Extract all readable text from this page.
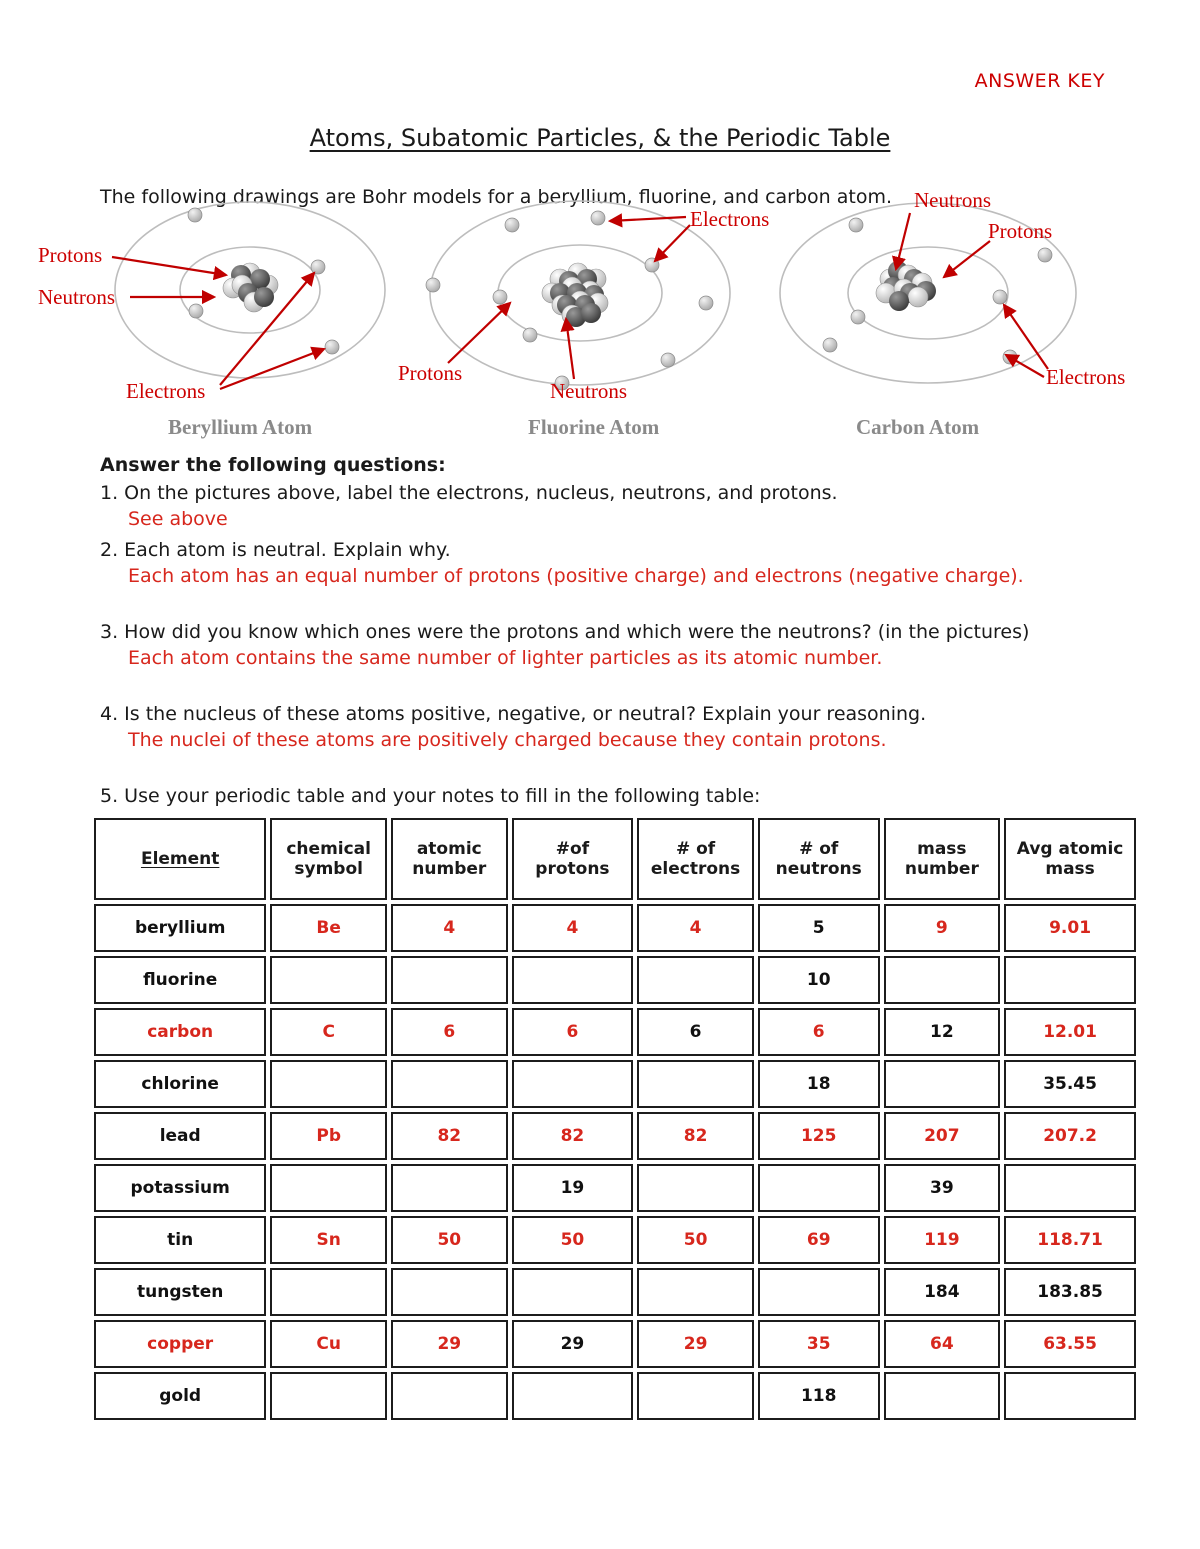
ANSWER KEY
Atoms, Subatomic Particles, & the Periodic Table
The following drawings are Bohr models for a beryllium, fluorine, and carbon atom.
Protons
Neutrons
Electrons
Electrons
Protons
Neutrons
Neutrons
Protons
Electrons
Beryllium Atom	Fluorine Atom	Carbon Atom

Answer the following questions:

1. On the pictures above, label the electrons, nucleus, neutrons, and protons.

See above

2. Each atom is neutral. Explain why.

Each atom has an equal number of protons (positive charge) and electrons (negative charge).

3. How did you know which ones were the protons and which were the neutrons? (in the pictures)

Each atom contains the same number of lighter particles as its atomic number.

4. Is the nucleus of these atoms positive, negative, or neutral? Explain your reasoning.

The nuclei of these atoms are positively charged because they contain protons.

5. Use your periodic table and your notes to fill in the following table:

Element	chemical symbol	atomic number	#of protons	# of electrons	# of neutrons	mass number	Avg atomic mass
beryllium	Be	4	4	4	5	9	9.01
fluorine					10		
carbon	C	6	6	6	6	12	12.01
chlorine					18		35.45
lead	Pb	82	82	82	125	207	207.2
potassium			19			39	
tin	Sn	50	50	50	69	119	118.71
tungsten						184	183.85
copper	Cu	29	29	29	35	64	63.55
gold					118		
